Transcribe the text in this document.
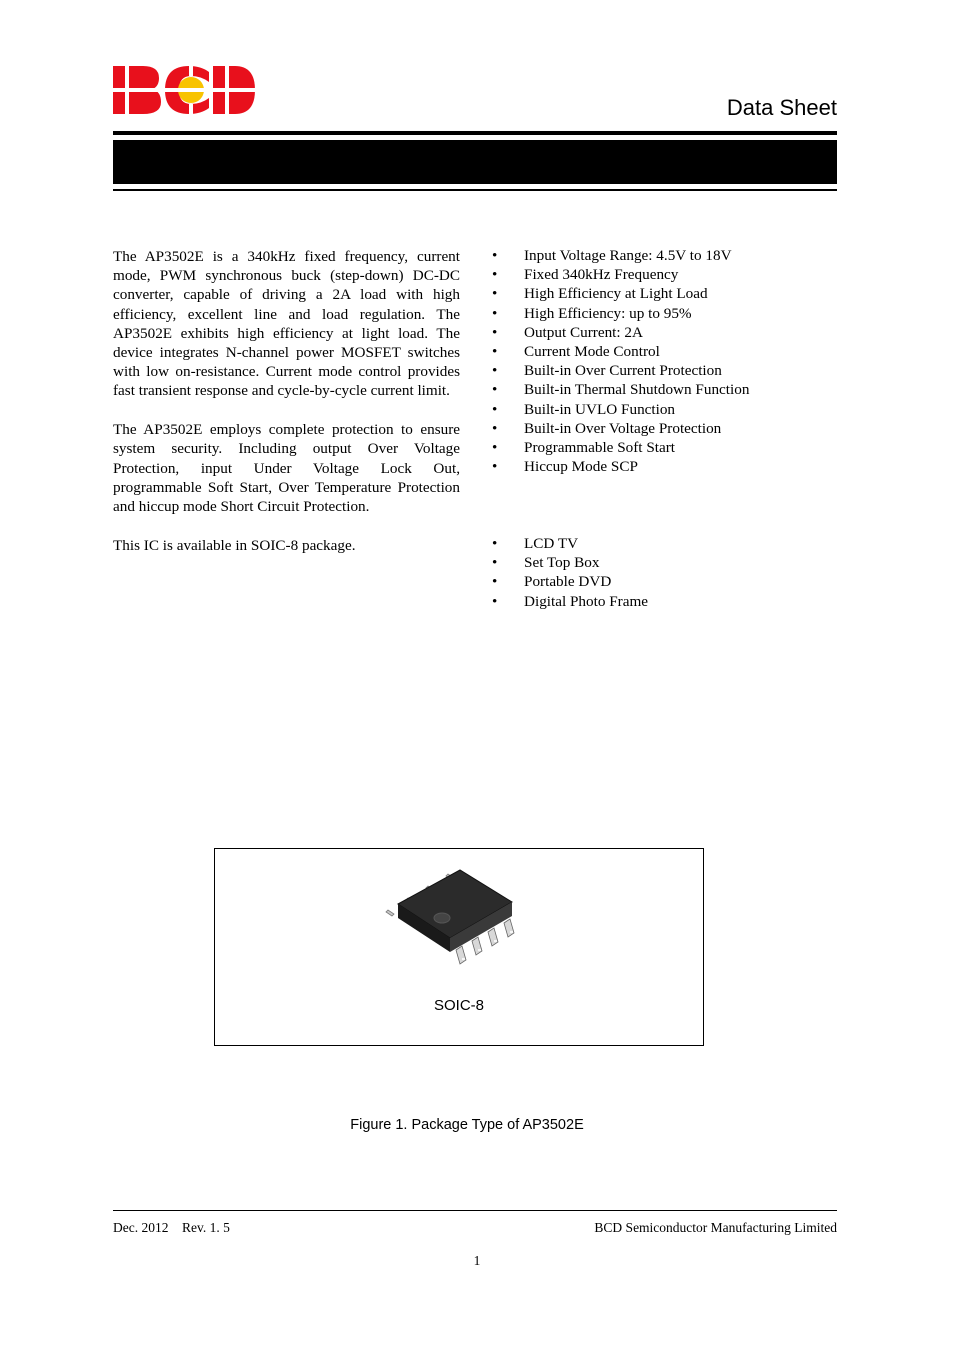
Data Sheet

The AP3502E is a 340kHz fixed frequency, current mode, PWM synchronous buck (step-down) DC-DC converter, capable of driving a 2A load with high efficiency, excellent line and load regulation. The AP3502E exhibits high efficiency at light load. The device integrates N-channel power MOSFET switches with low on-resistance. Current mode control provides fast transient response and cycle-by-cycle current limit.

The AP3502E employs complete protection to ensure system security. Including output Over Voltage Protection, input Under Voltage Lock Out, programmable Soft Start, Over Temperature Protection and hiccup mode Short Circuit Protection.

This IC is available in SOIC-8 package.

• Input Voltage Range: 4.5V to 18V
• Fixed 340kHz Frequency
• High Efficiency at Light Load
• High Efficiency: up to 95%
• Output Current: 2A
• Current Mode Control
• Built-in Over Current Protection
• Built-in Thermal Shutdown Function
• Built-in UVLO Function
• Built-in Over Voltage Protection
• Programmable Soft Start
• Hiccup Mode SCP
• LCD TV
• Set Top Box
• Portable DVD
• Digital Photo Frame
SOIC-8
Figure 1. Package Type of AP3502E
Dec. 2012 Rev. 1. 5	BCD Semiconductor Manufacturing Limited
1
